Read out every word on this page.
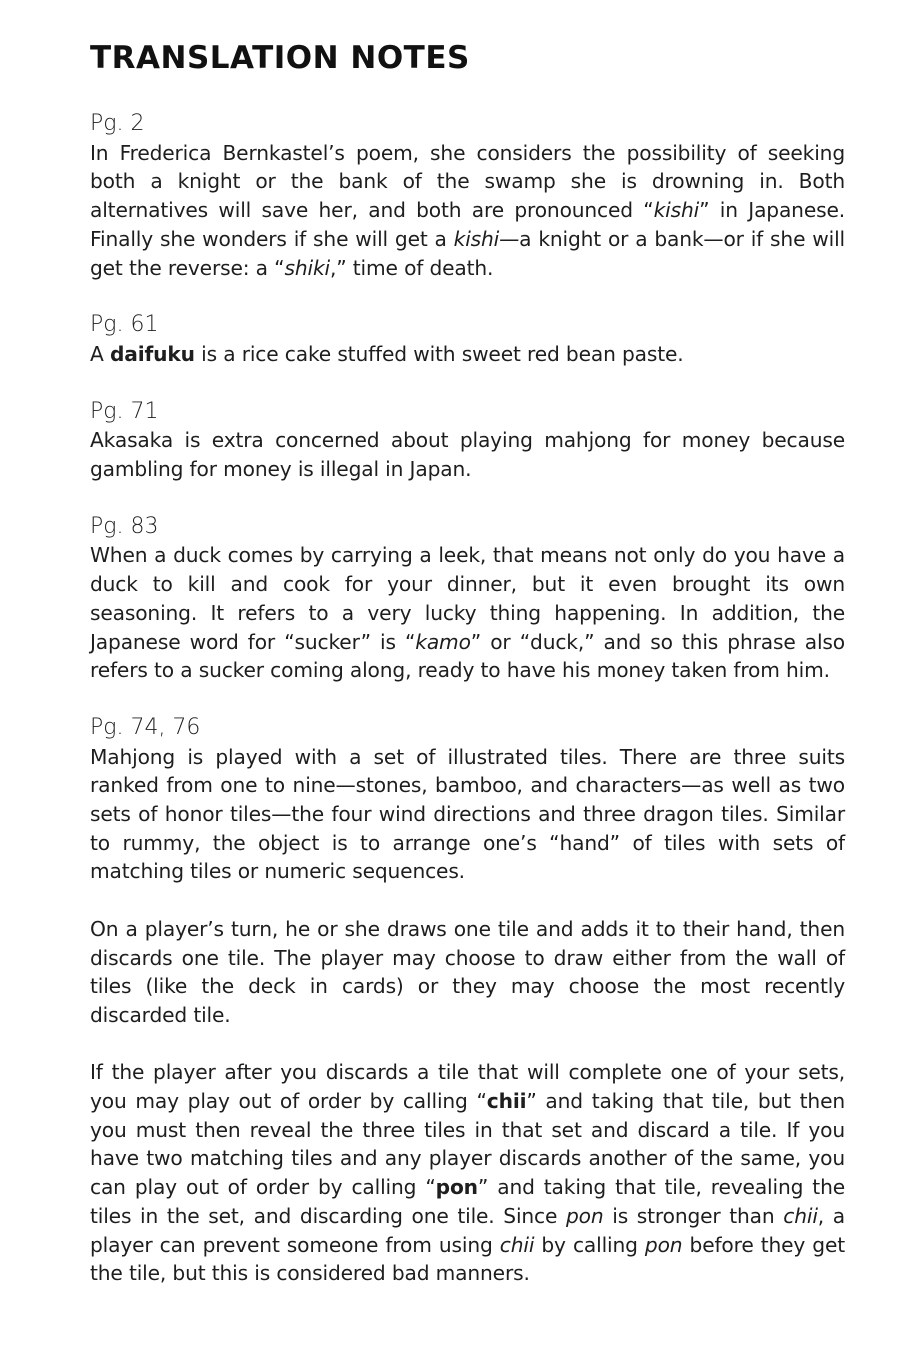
TRANSLATION NOTES
Pg. 2

In Frederica Bernkastel’s poem, she considers the possibility of seeking both a knight or the bank of the swamp she is drowning in. Both alternatives will save her, and both are pronounced “kishi” in Japanese. Finally she wonders if she will get a kishi—a knight or a bank—or if she will get the reverse: a “shiki,” time of death.

Pg. 61

A daifuku is a rice cake stuffed with sweet red bean paste.

Pg. 71

Akasaka is extra concerned about playing mahjong for money because gambling for money is illegal in Japan.

Pg. 83

When a duck comes by carrying a leek, that means not only do you have a duck to kill and cook for your dinner, but it even brought its own seasoning. It refers to a very lucky thing happening. In addition, the Japanese word for “sucker” is “kamo” or “duck,” and so this phrase also refers to a sucker coming along, ready to have his money taken from him.

Pg. 74, 76

Mahjong is played with a set of illustrated tiles. There are three suits ranked from one to nine—stones, bamboo, and characters—as well as two sets of honor tiles—the four wind directions and three dragon tiles. Similar to rummy, the object is to arrange one’s “hand” of tiles with sets of matching tiles or numeric sequences.

On a player’s turn, he or she draws one tile and adds it to their hand, then discards one tile. The player may choose to draw either from the wall of tiles (like the deck in cards) or they may choose the most recently discarded tile.

If the player after you discards a tile that will complete one of your sets, you may play out of order by calling “chii” and taking that tile, but then you must then reveal the three tiles in that set and discard a tile. If you have two matching tiles and any player discards another of the same, you can play out of order by calling “pon” and taking that tile, revealing the tiles in the set, and discarding one tile. Since pon is stronger than chii, a player can prevent someone from using chii by calling pon before they get the tile, but this is considered bad manners.
